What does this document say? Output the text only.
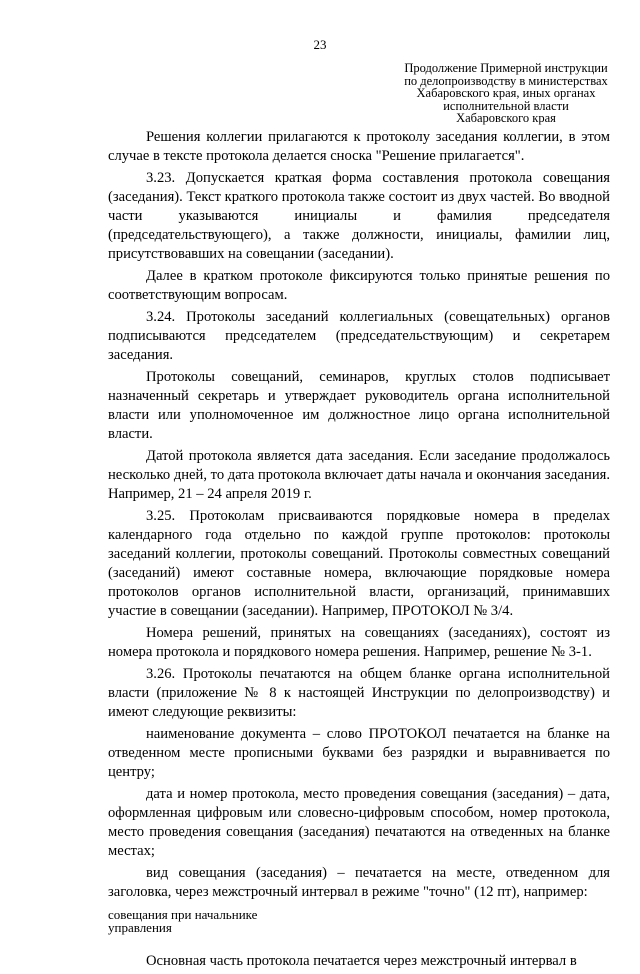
23
Продолжение Примерной инструкции
по делопроизводству в министерствах
Хабаровского края, иных органах
исполнительной власти
Хабаровского края

Решения коллегии прилагаются к протоколу заседания коллегии, в этом случае в тексте протокола делается сноска "Решение прилагается".

3.23. Допускается краткая форма составления протокола совещания (заседания). Текст краткого протокола также состоит из двух частей. Во вводной части указываются инициалы и фамилия председателя (председательствующего), а также должности, инициалы, фамилии лиц, присутствовавших на совещании (заседании).

Далее в кратком протоколе фиксируются только принятые решения по соответствующим вопросам.

3.24. Протоколы заседаний коллегиальных (совещательных) органов подписываются председателем (председательствующим) и секретарем заседания.

Протоколы совещаний, семинаров, круглых столов подписывает назначенный секретарь и утверждает руководитель органа исполнительной власти или уполномоченное им должностное лицо органа исполнительной власти.

Датой протокола является дата заседания. Если заседание продолжалось несколько дней, то дата протокола включает даты начала и окончания заседания. Например, 21 – 24 апреля 2019 г.

3.25. Протоколам присваиваются порядковые номера в пределах календарного года отдельно по каждой группе протоколов: протоколы заседаний коллегии, протоколы совещаний. Протоколы совместных совещаний (заседаний) имеют составные номера, включающие порядковые номера протоколов органов исполнительной власти, организаций, принимавших участие в совещании (заседании). Например, ПРОТОКОЛ № 3/4.

Номера решений, принятых на совещаниях (заседаниях), состоят из номера протокола и порядкового номера решения. Например, решение № 3-1.

3.26. Протоколы печатаются на общем бланке органа исполнительной власти (приложение № 8 к настоящей Инструкции по делопроизводству) и имеют следующие реквизиты:

наименование документа – слово ПРОТОКОЛ печатается на бланке на отведенном месте прописными буквами без разрядки и выравнивается по центру;

дата и номер протокола, место проведения совещания (заседания) – дата, оформленная цифровым или словесно-цифровым способом, номер протокола, место проведения совещания (заседания) печатаются на отведенных на бланке местах;

вид совещания (заседания) – печатается на месте, отведенном для заголовка, через межстрочный интервал в режиме "точно" (12 пт), например:

совещания при начальнике
управления

Основная часть протокола печатается через межстрочный интервал в
